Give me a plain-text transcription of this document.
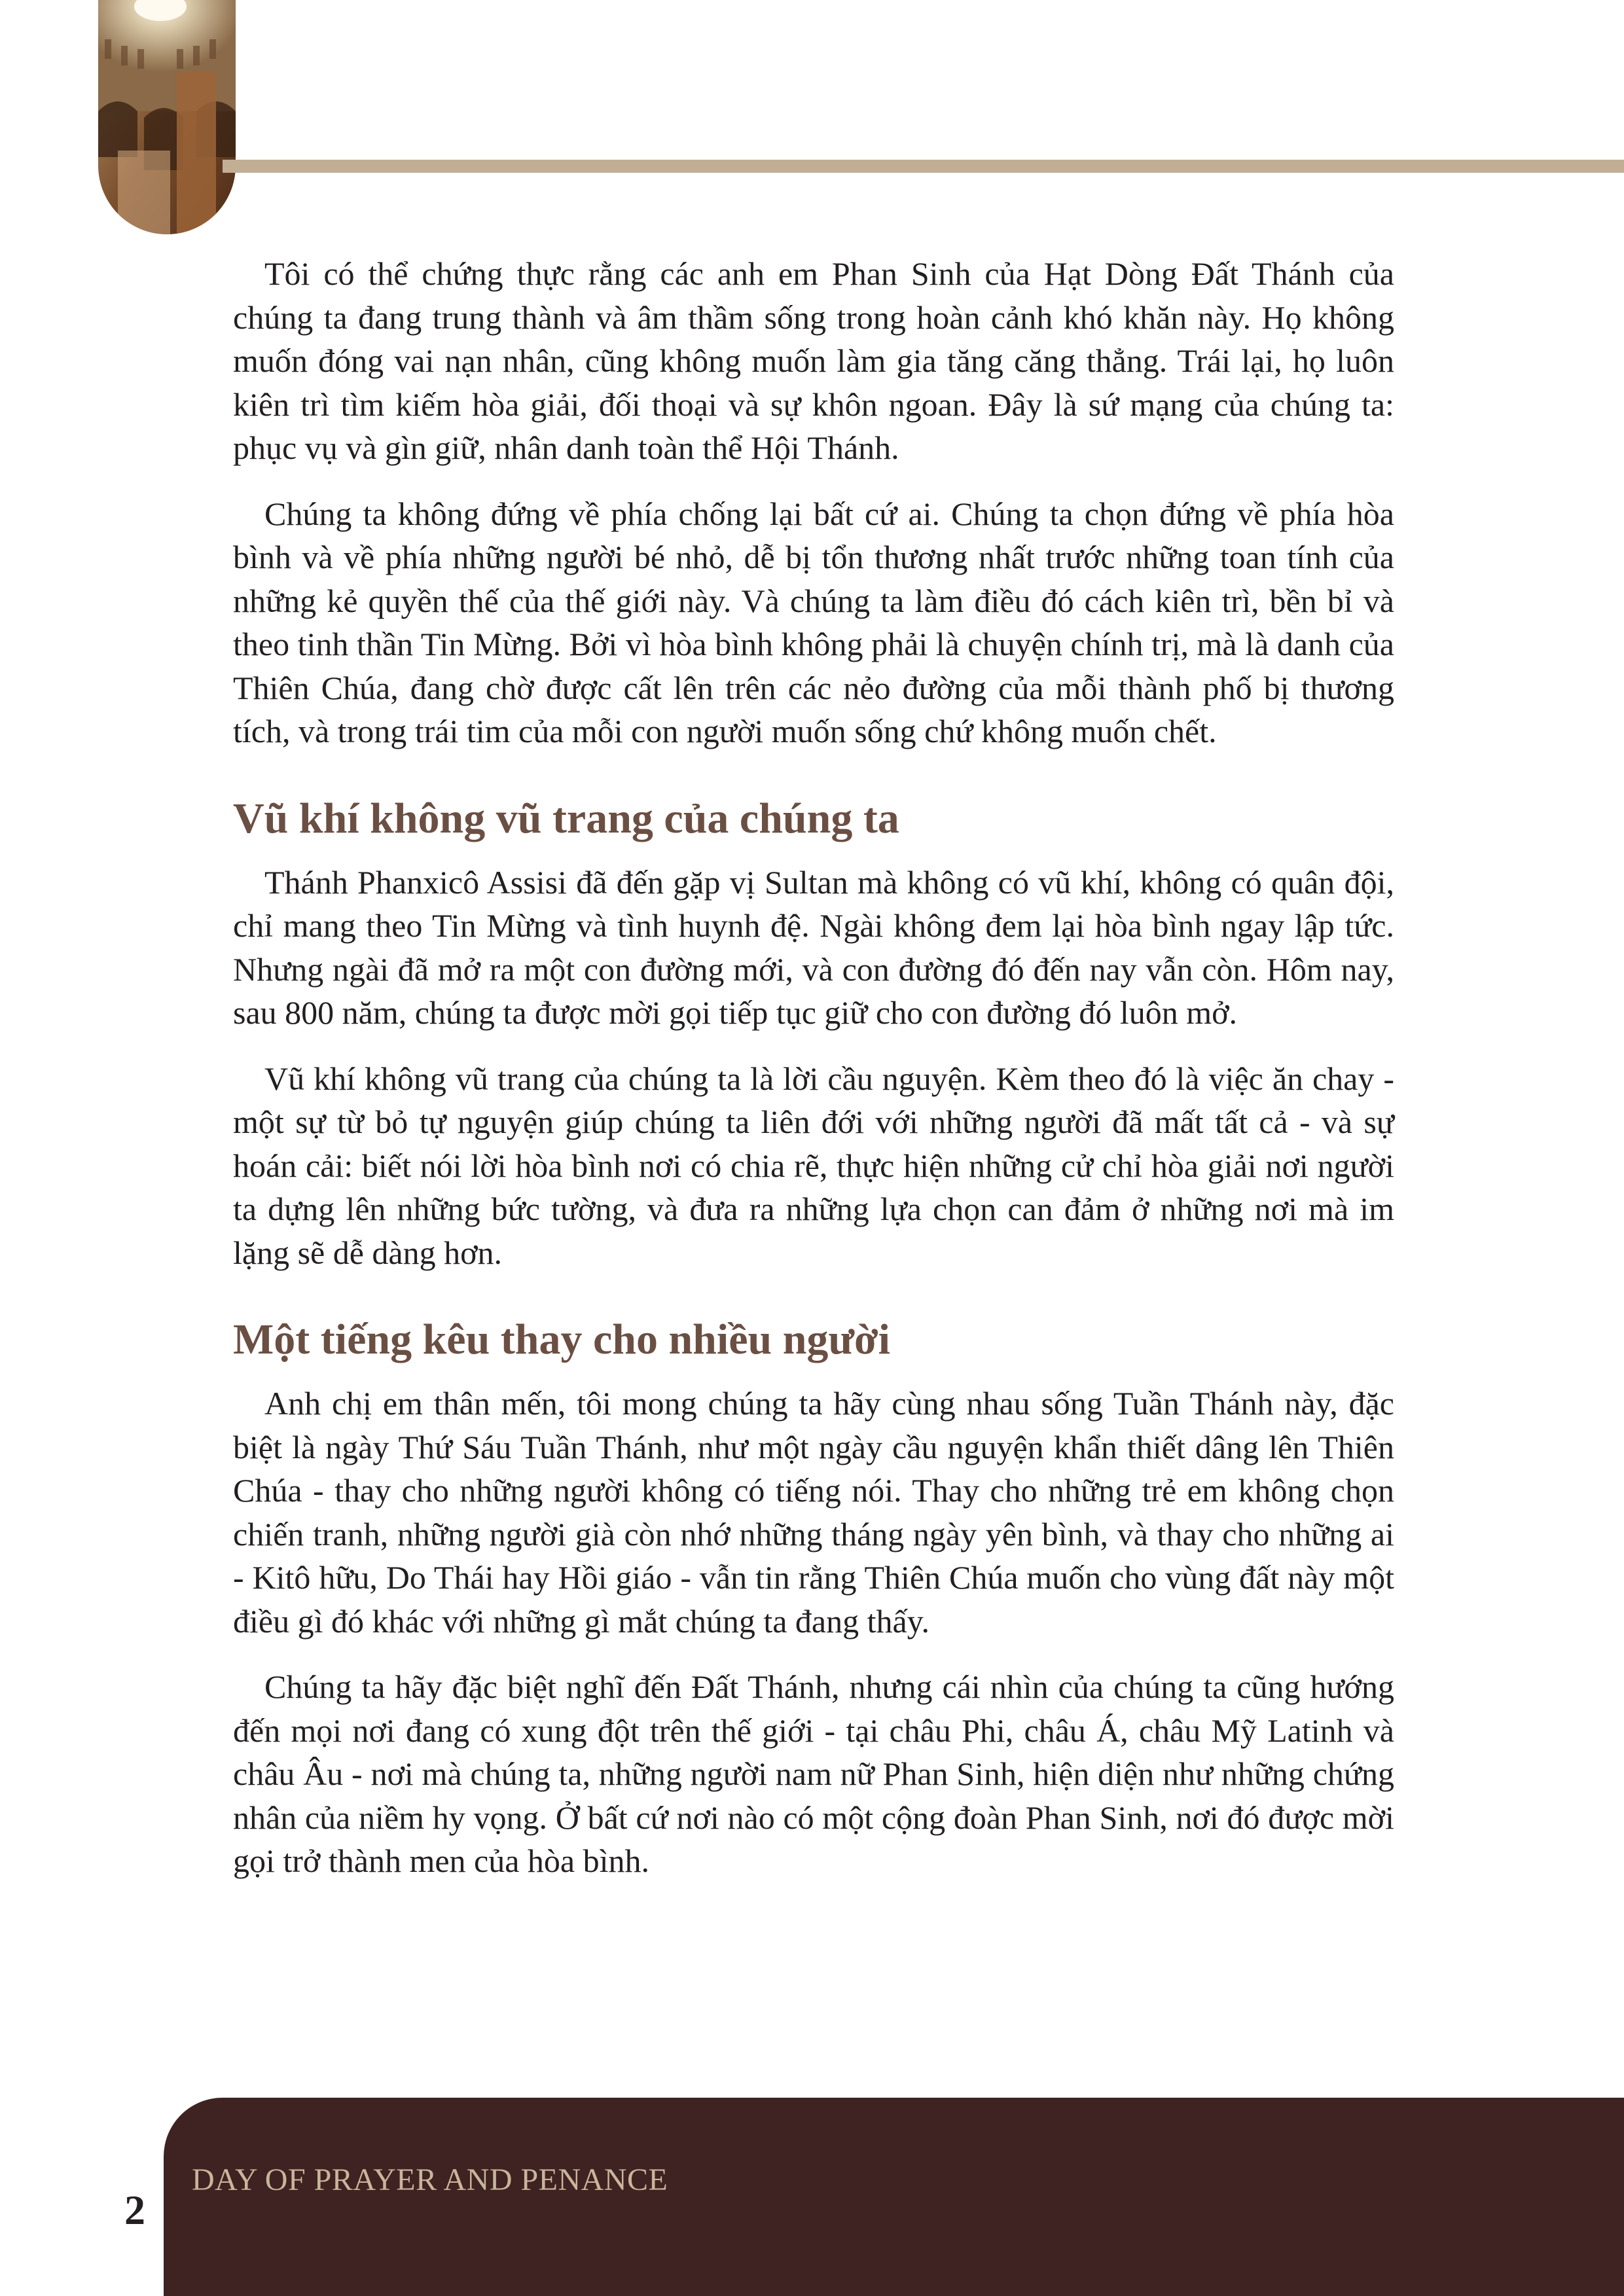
Tôi có thể chứng thực rằng các anh em Phan Sinh của Hạt Dòng Đất Thánh của chúng ta đang trung thành và âm thầm sống trong hoàn cảnh khó khăn này. Họ không muốn đóng vai nạn nhân, cũng không muốn làm gia tăng căng thẳng. Trái lại, họ luôn kiên trì tìm kiếm hòa giải, đối thoại và sự khôn ngoan. Đây là sứ mạng của chúng ta: phục vụ và gìn giữ, nhân danh toàn thể Hội Thánh.

Chúng ta không đứng về phía chống lại bất cứ ai. Chúng ta chọn đứng về phía hòa bình và về phía những người bé nhỏ, dễ bị tổn thương nhất trước những toan tính của những kẻ quyền thế của thế giới này. Và chúng ta làm điều đó cách kiên trì, bền bỉ và theo tinh thần Tin Mừng. Bởi vì hòa bình không phải là chuyện chính trị, mà là danh của Thiên Chúa, đang chờ được cất lên trên các nẻo đường của mỗi thành phố bị thương tích, và trong trái tim của mỗi con người muốn sống chứ không muốn chết.

Vũ khí không vũ trang của chúng ta

Thánh Phanxicô Assisi đã đến gặp vị Sultan mà không có vũ khí, không có quân đội, chỉ mang theo Tin Mừng và tình huynh đệ. Ngài không đem lại hòa bình ngay lập tức. Nhưng ngài đã mở ra một con đường mới, và con đường đó đến nay vẫn còn. Hôm nay, sau 800 năm, chúng ta được mời gọi tiếp tục giữ cho con đường đó luôn mở.

Vũ khí không vũ trang của chúng ta là lời cầu nguyện. Kèm theo đó là việc ăn chay - một sự từ bỏ tự nguyện giúp chúng ta liên đới với những người đã mất tất cả - và sự hoán cải: biết nói lời hòa bình nơi có chia rẽ, thực hiện những cử chỉ hòa giải nơi người ta dựng lên những bức tường, và đưa ra những lựa chọn can đảm ở những nơi mà im lặng sẽ dễ dàng hơn.

Một tiếng kêu thay cho nhiều người

Anh chị em thân mến, tôi mong chúng ta hãy cùng nhau sống Tuần Thánh này, đặc biệt là ngày Thứ Sáu Tuần Thánh, như một ngày cầu nguyện khẩn thiết dâng lên Thiên Chúa - thay cho những người không có tiếng nói. Thay cho những trẻ em không chọn chiến tranh, những người già còn nhớ những tháng ngày yên bình, và thay cho những ai - Kitô hữu, Do Thái hay Hồi giáo - vẫn tin rằng Thiên Chúa muốn cho vùng đất này một điều gì đó khác với những gì mắt chúng ta đang thấy.

Chúng ta hãy đặc biệt nghĩ đến Đất Thánh, nhưng cái nhìn của chúng ta cũng hướng đến mọi nơi đang có xung đột trên thế giới - tại châu Phi, châu Á, châu Mỹ Latinh và châu Âu - nơi mà chúng ta, những người nam nữ Phan Sinh, hiện diện như những chứng nhân của niềm hy vọng. Ở bất cứ nơi nào có một cộng đoàn Phan Sinh, nơi đó được mời gọi trở thành men của hòa bình.

DAY OF PRAYER AND PENANCE
2
